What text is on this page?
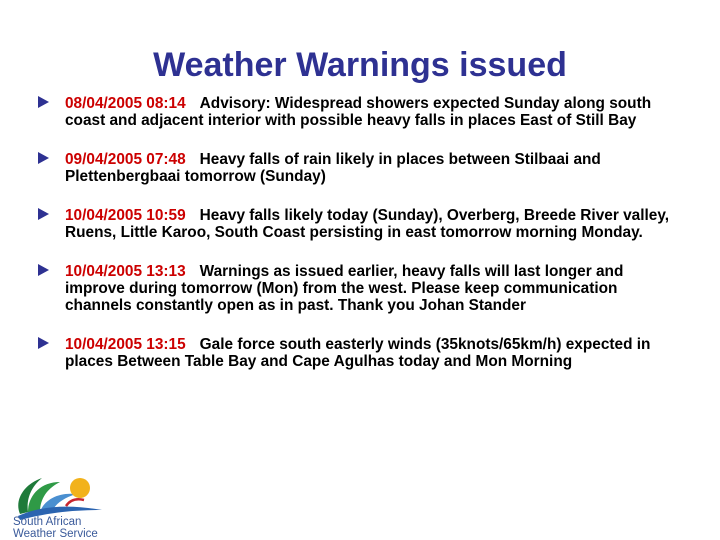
Weather Warnings issued
08/04/2005 08:14 Advisory: Widespread showers expected Sunday along south coast and adjacent interior with possible heavy falls in places East of Still Bay
09/04/2005 07:48 Heavy falls of rain likely in places between Stilbaai and Plettenbergbaai tomorrow (Sunday)
10/04/2005 10:59 Heavy falls likely today (Sunday), Overberg, Breede River valley, Ruens, Little Karoo, South Coast persisting in east tomorrow morning Monday.
10/04/2005 13:13 Warnings as issued earlier, heavy falls will last longer and improve during tomorrow (Mon) from the west. Please keep communication channels constantly open as in past. Thank you Johan Stander
10/04/2005 13:15 Gale force south easterly winds (35knots/65km/h) expected in places Between Table Bay and Cape Agulhas today and Mon Morning
South African
Weather Service
